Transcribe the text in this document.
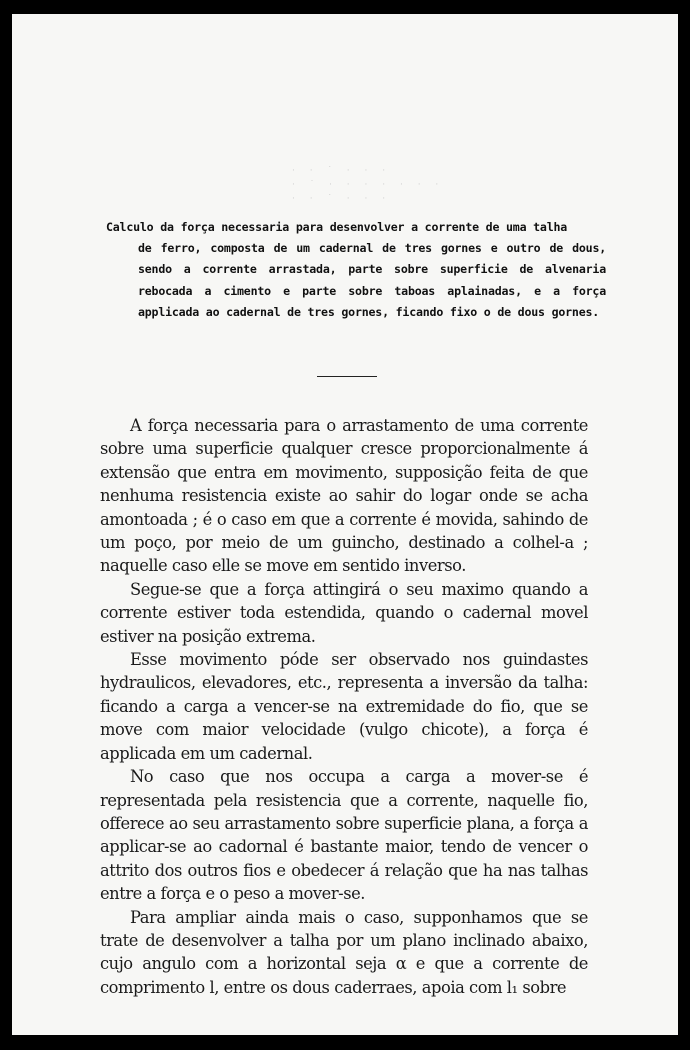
· · ˙ · · ·
· ˙ · · · · · · ·
· · ˙ · · ·
Calculo da força necessaria para desenvolver a corrente de uma talha
de ferro, composta de um cadernal de tres gornes e outro de dous, sendo a corrente arrastada, parte sobre superficie de alvenaria rebocada a cimento e parte sobre taboas aplainadas, e a força applicada ao cadernal de tres gornes, ficando fixo o de dous gornes.

A força necessaria para o arrastamento de uma corrente sobre uma superficie qualquer cresce proporcionalmente á extensão que entra em movimento, supposição feita de que nenhuma resistencia existe ao sahir do logar onde se acha amontoada ; é o caso em que a corrente é movida, sahindo de um poço, por meio de um guincho, destinado a colhel-a ; naquelle caso elle se move em sentido inverso.

Segue-se que a força attingirá o seu maximo quando a corrente estiver toda estendida, quando o cadernal movel estiver na posição extrema.

Esse movimento póde ser observado nos guindastes hydraulicos, elevadores, etc., representa a inversão da talha: ficando a carga a vencer-se na extremidade do fio, que se move com maior velocidade (vulgo chicote), a força é applicada em um cadernal.

No caso que nos occupa a carga a mover-se é representada pela resistencia que a corrente, naquelle fio, offerece ao seu arrastamento sobre superficie plana, a força a applicar-se ao cadornal é bastante maior, tendo de vencer o attrito dos outros fios e obedecer á relação que ha nas talhas entre a força e o peso a mover-se.

Para ampliar ainda mais o caso, supponhamos que se trate de desenvolver a talha por um plano inclinado abaixo, cujo angulo com a horizontal seja α e que a corrente de comprimento l, entre os dous caderraes, apoia com l₁ sobre
